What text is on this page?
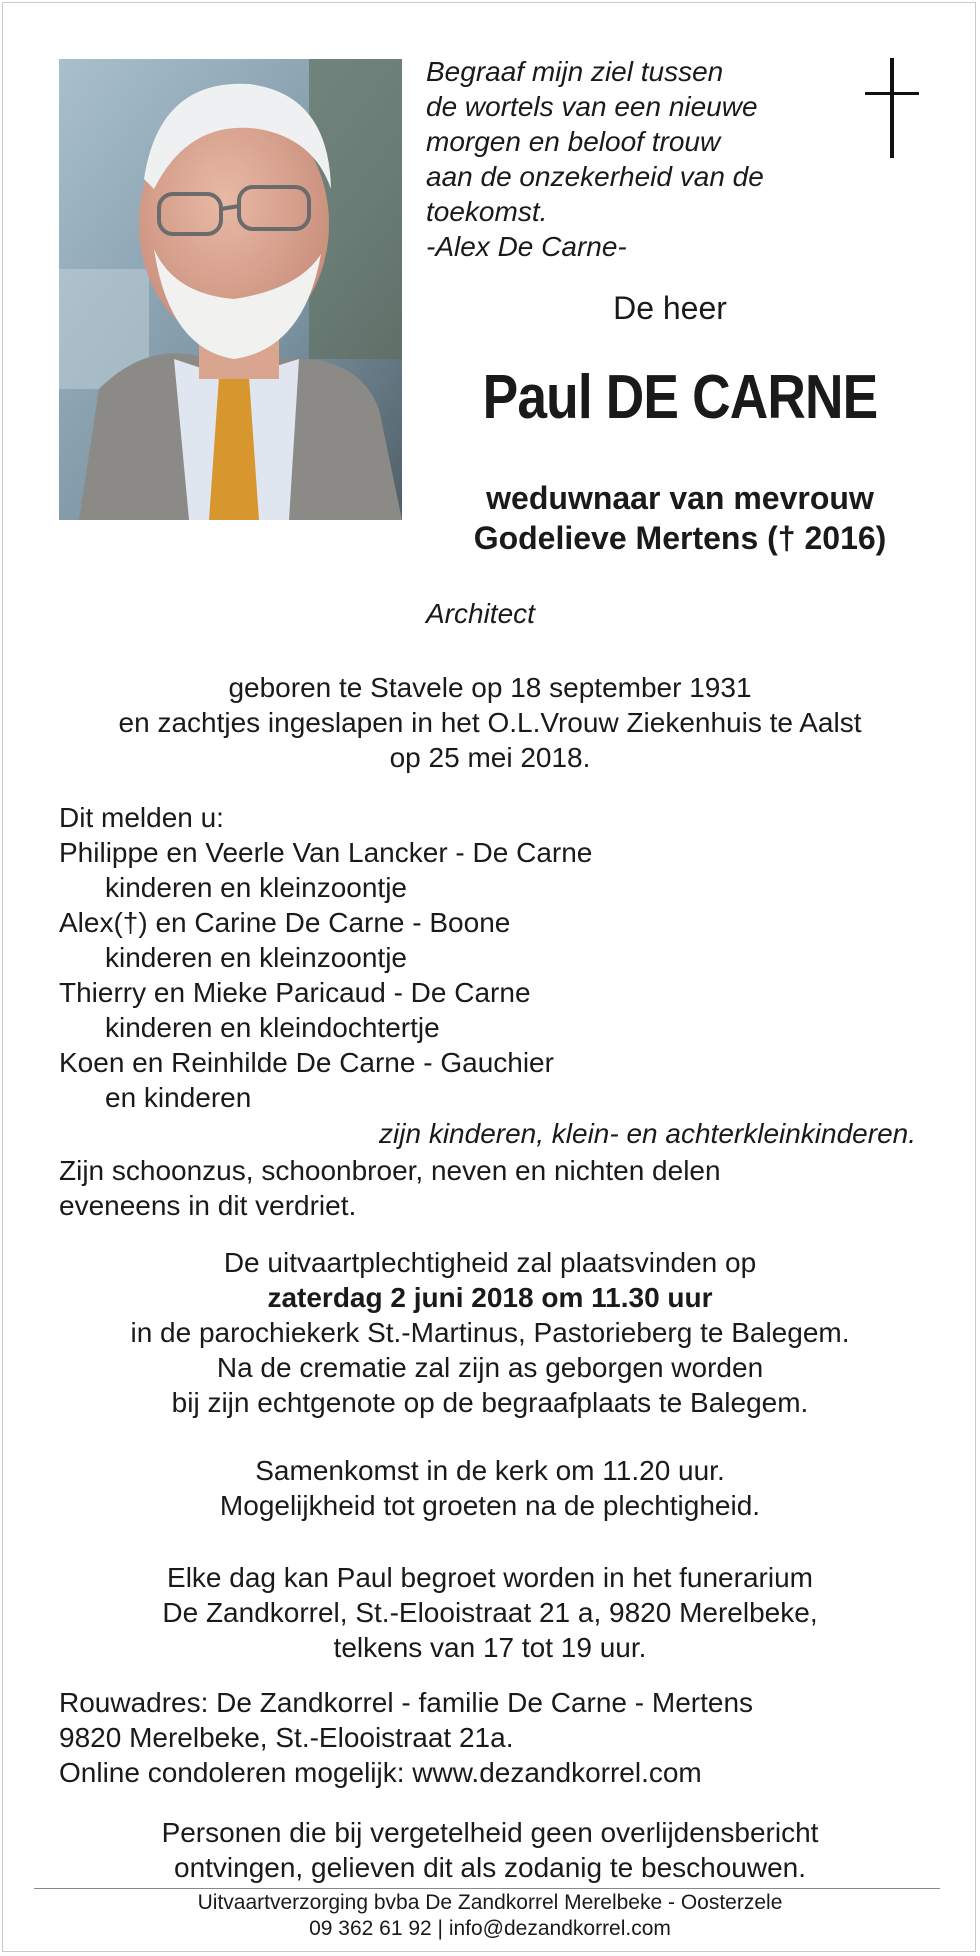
Begraaf mijn ziel tussen
de wortels van een nieuwe
morgen en beloof trouw
aan de onzekerheid van de
toekomst.
-Alex De Carne-
De heer
Paul DE CARNE
weduwnaar van mevrouw
Godelieve Mertens († 2016)
Architect
geboren te Stavele op 18 september 1931
en zachtjes ingeslapen in het O.L.Vrouw Ziekenhuis te Aalst
op 25 mei 2018.
Dit melden u:
Philippe en Veerle Van Lancker - De Carne
kinderen en kleinzoontje
Alex(†) en Carine De Carne - Boone
kinderen en kleinzoontje
Thierry en Mieke Paricaud - De Carne
kinderen en kleindochtertje
Koen en Reinhilde De Carne - Gauchier
en kinderen
zijn kinderen, klein- en achterkleinkinderen.
Zijn schoonzus, schoonbroer, neven en nichten delen
eveneens in dit verdriet.
De uitvaartplechtigheid zal plaatsvinden op
zaterdag 2 juni 2018 om 11.30 uur
in de parochiekerk St.-Martinus, Pastorieberg te Balegem.
Na de crematie zal zijn as geborgen worden
bij zijn echtgenote op de begraafplaats te Balegem.
Samenkomst in de kerk om 11.20 uur.
Mogelijkheid tot groeten na de plechtigheid.
Elke dag kan Paul begroet worden in het funerarium
De Zandkorrel, St.-Elooistraat 21 a, 9820 Merelbeke,
telkens van 17 tot 19 uur.
Rouwadres: De Zandkorrel - familie De Carne - Mertens
9820 Merelbeke, St.-Elooistraat 21a.
Online condoleren mogelijk: www.dezandkorrel.com
Personen die bij vergetelheid geen overlijdensbericht
ontvingen, gelieven dit als zodanig te beschouwen.
Uitvaartverzorging bvba De Zandkorrel Merelbeke - Oosterzele
09 362 61 92 | info@dezandkorrel.com
